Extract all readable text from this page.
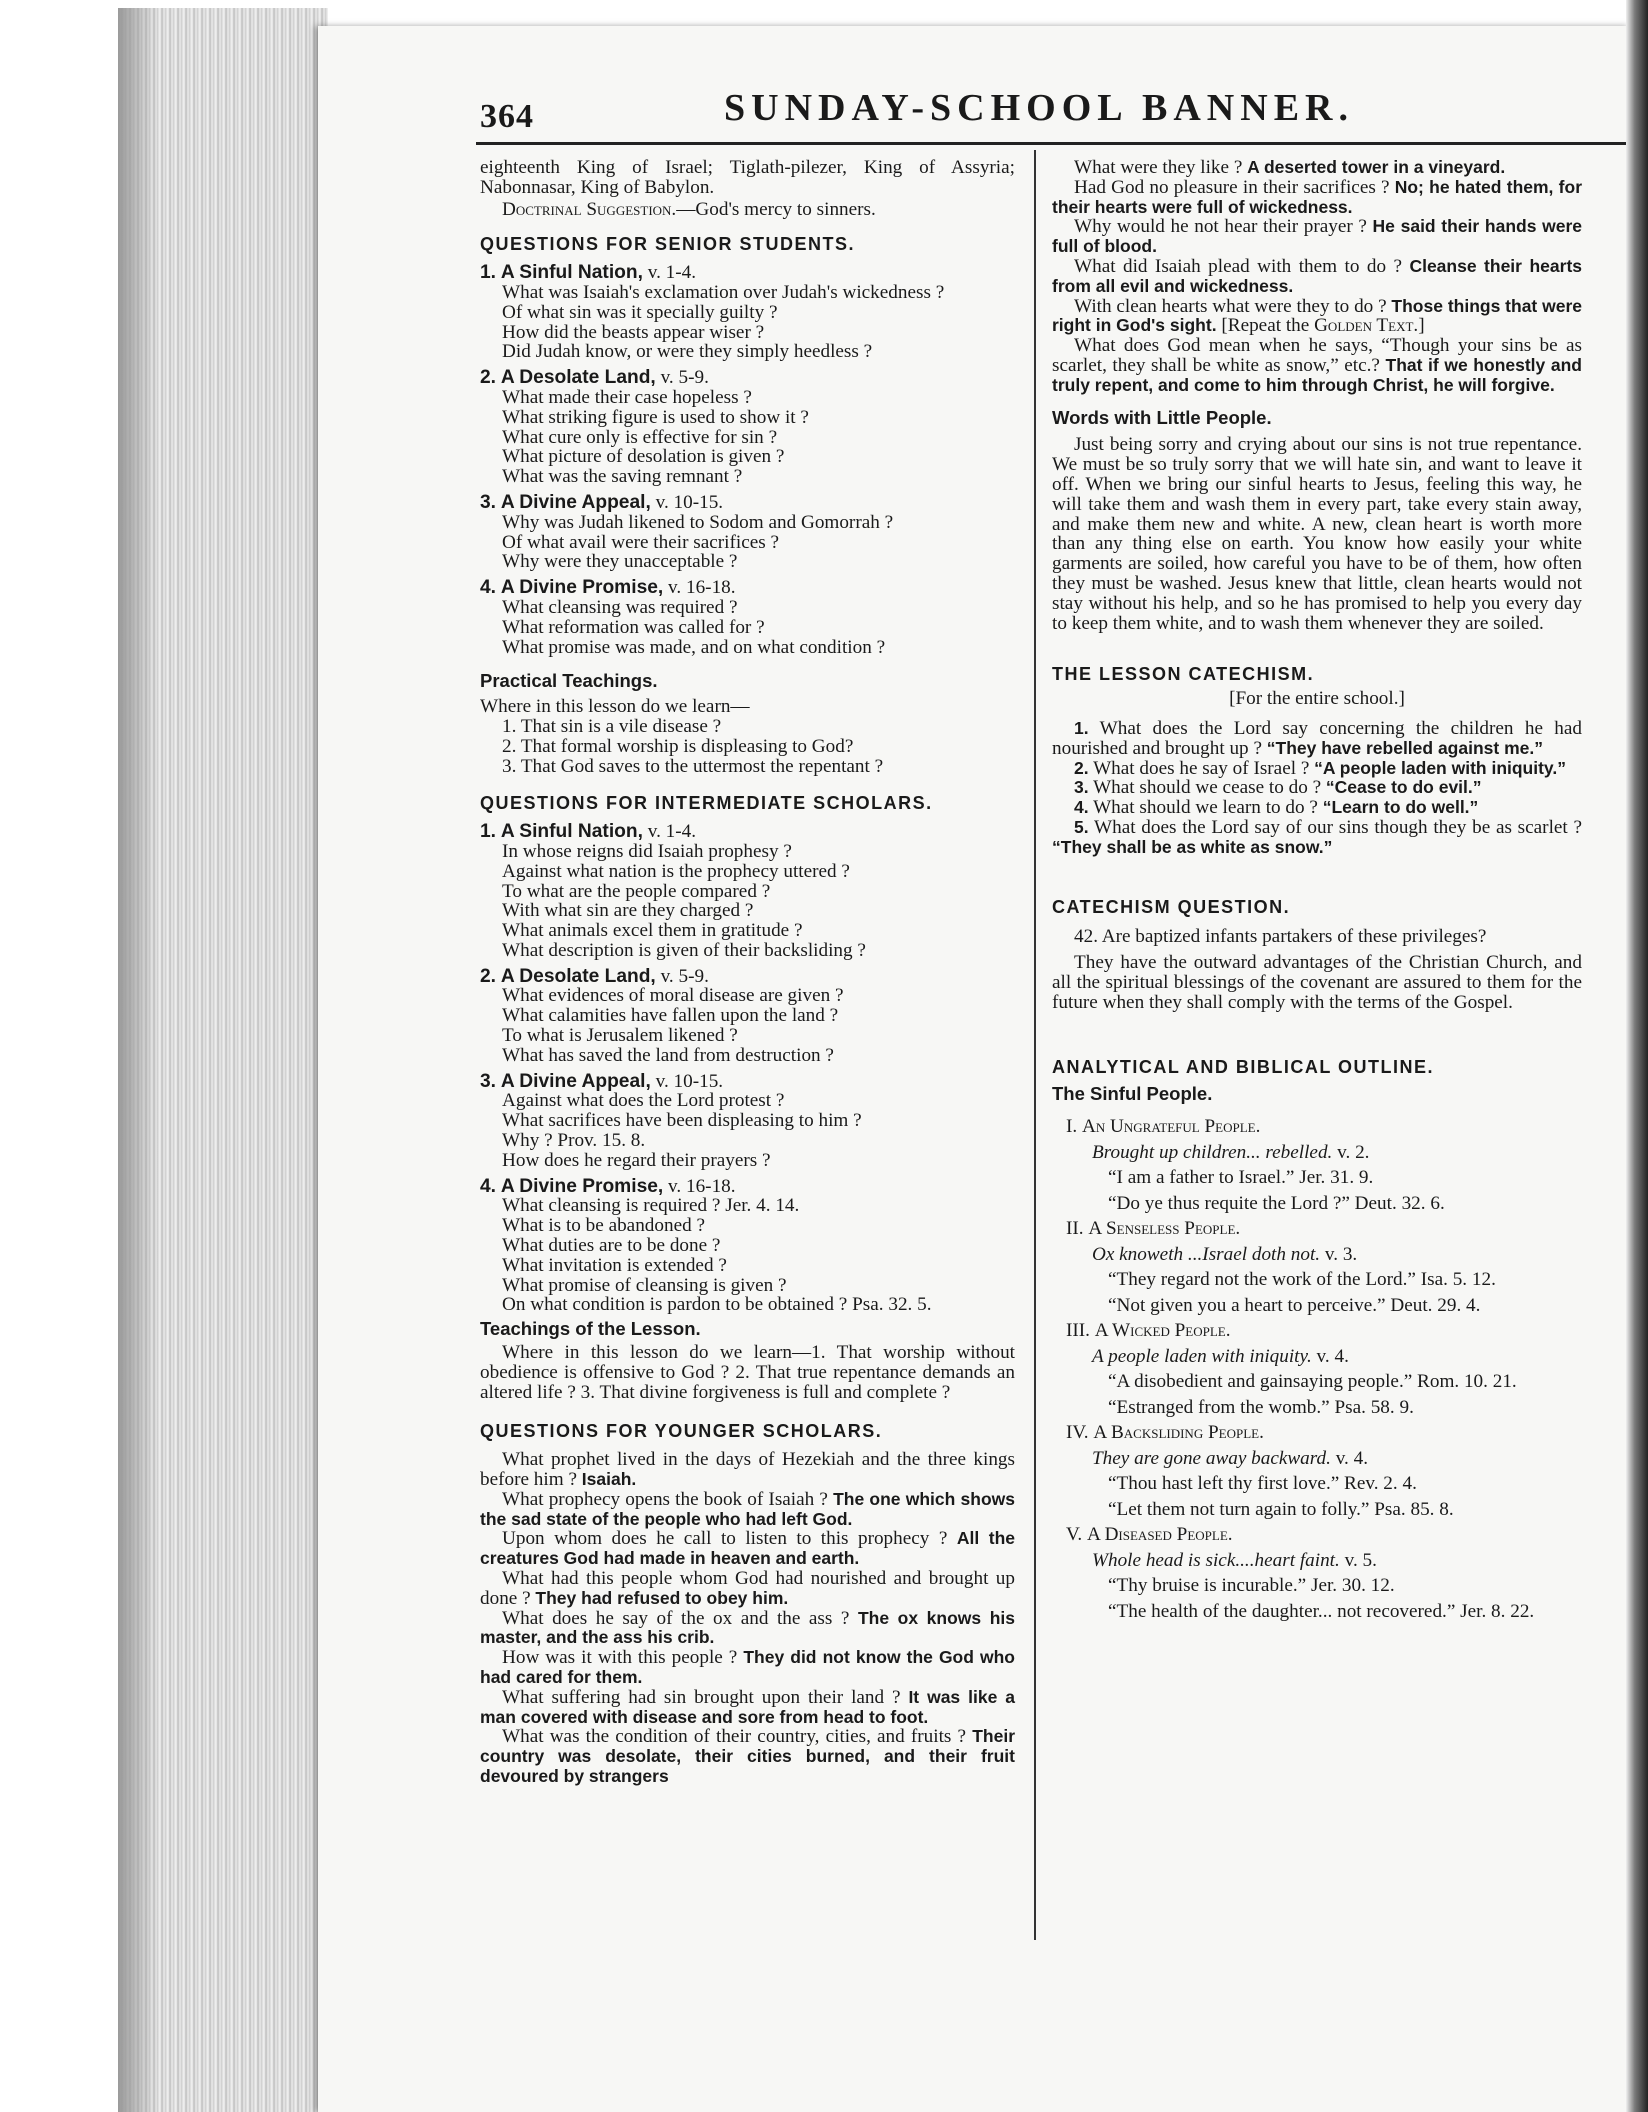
364	SUNDAY-SCHOOL BANNER.

eighteenth King of Israel; Tiglath-pilezer, King of Assyria; Nabonnasar, King of Babylon.

Doctrinal Suggestion.—God's mercy to sinners.

QUESTIONS FOR SENIOR STUDENTS.

1. A Sinful Nation, v. 1-4.

What was Isaiah's exclamation over Judah's wickedness ?

Of what sin was it specially guilty ?

How did the beasts appear wiser ?

Did Judah know, or were they simply heedless ?

2. A Desolate Land, v. 5-9.

What made their case hopeless ?

What striking figure is used to show it ?

What cure only is effective for sin ?

What picture of desolation is given ?

What was the saving remnant ?

3. A Divine Appeal, v. 10-15.

Why was Judah likened to Sodom and Gomorrah ?

Of what avail were their sacrifices ?

Why were they unacceptable ?

4. A Divine Promise, v. 16-18.

What cleansing was required ?

What reformation was called for ?

What promise was made, and on what condition ?

Practical Teachings.

Where in this lesson do we learn—

1. That sin is a vile disease ?

2. That formal worship is displeasing to God?

3. That God saves to the uttermost the repentant ?

QUESTIONS FOR INTERMEDIATE SCHOLARS.

1. A Sinful Nation, v. 1-4.

In whose reigns did Isaiah prophesy ?

Against what nation is the prophecy uttered ?

To what are the people compared ?

With what sin are they charged ?

What animals excel them in gratitude ?

What description is given of their backsliding ?

2. A Desolate Land, v. 5-9.

What evidences of moral disease are given ?

What calamities have fallen upon the land ?

To what is Jerusalem likened ?

What has saved the land from destruction ?

3. A Divine Appeal, v. 10-15.

Against what does the Lord protest ?

What sacrifices have been displeasing to him ?

Why ? Prov. 15. 8.

How does he regard their prayers ?

4. A Divine Promise, v. 16-18.

What cleansing is required ? Jer. 4. 14.

What is to be abandoned ?

What duties are to be done ?

What invitation is extended ?

What promise of cleansing is given ?

On what condition is pardon to be obtained ? Psa. 32. 5.

Teachings of the Lesson.

Where in this lesson do we learn—1. That worship without obedience is offensive to God ? 2. That true repentance demands an altered life ? 3. That divine forgiveness is full and complete ?

QUESTIONS FOR YOUNGER SCHOLARS.

What prophet lived in the days of Hezekiah and the three kings before him ? Isaiah.

What prophecy opens the book of Isaiah ? The one which shows the sad state of the people who had left God.

Upon whom does he call to listen to this prophecy ? All the creatures God had made in heaven and earth.

What had this people whom God had nourished and brought up done ? They had refused to obey him.

What does he say of the ox and the ass ? The ox knows his master, and the ass his crib.

How was it with this people ? They did not know the God who had cared for them.

What suffering had sin brought upon their land ? It was like a man covered with disease and sore from head to foot.

What was the condition of their country, cities, and fruits ? Their country was desolate, their cities burned, and their fruit devoured by strangers

What were they like ? A deserted tower in a vineyard.

Had God no pleasure in their sacrifices ? No; he hated them, for their hearts were full of wickedness.

Why would he not hear their prayer ? He said their hands were full of blood.

What did Isaiah plead with them to do ? Cleanse their hearts from all evil and wickedness.

With clean hearts what were they to do ? Those things that were right in God's sight. [Repeat the Golden Text.]

What does God mean when he says, “Though your sins be as scarlet, they shall be white as snow,” etc.? That if we honestly and truly repent, and come to him through Christ, he will forgive.

Words with Little People.

Just being sorry and crying about our sins is not true repentance. We must be so truly sorry that we will hate sin, and want to leave it off. When we bring our sinful hearts to Jesus, feeling this way, he will take them and wash them in every part, take every stain away, and make them new and white. A new, clean heart is worth more than any thing else on earth. You know how easily your white garments are soiled, how careful you have to be of them, how often they must be washed. Jesus knew that little, clean hearts would not stay without his help, and so he has promised to help you every day to keep them white, and to wash them whenever they are soiled.

THE LESSON CATECHISM.

[For the entire school.]

1. What does the Lord say concerning the children he had nourished and brought up ? “They have rebelled against me.”

2. What does he say of Israel ? “A people laden with iniquity.”

3. What should we cease to do ? “Cease to do evil.”

4. What should we learn to do ? “Learn to do well.”

5. What does the Lord say of our sins though they be as scarlet ? “They shall be as white as snow.”

CATECHISM QUESTION.

42. Are baptized infants partakers of these privileges?

They have the outward advantages of the Christian Church, and all the spiritual blessings of the covenant are assured to them for the future when they shall comply with the terms of the Gospel.

ANALYTICAL AND BIBLICAL OUTLINE.

The Sinful People.

I. An Ungrateful People.

Brought up children... rebelled. v. 2.

“I am a father to Israel.” Jer. 31. 9.

“Do ye thus requite the Lord ?” Deut. 32. 6.

II. A Senseless People.

Ox knoweth ...Israel doth not. v. 3.

“They regard not the work of the Lord.” Isa. 5. 12.

“Not given you a heart to perceive.” Deut. 29. 4.

III. A Wicked People.

A people laden with iniquity. v. 4.

“A disobedient and gainsaying people.” Rom. 10. 21.

“Estranged from the womb.” Psa. 58. 9.

IV. A Backsliding People.

They are gone away backward. v. 4.

“Thou hast left thy first love.” Rev. 2. 4.

“Let them not turn again to folly.” Psa. 85. 8.

V. A Diseased People.

Whole head is sick....heart faint. v. 5.

“Thy bruise is incurable.” Jer. 30. 12.

“The health of the daughter... not recovered.” Jer. 8. 22.
